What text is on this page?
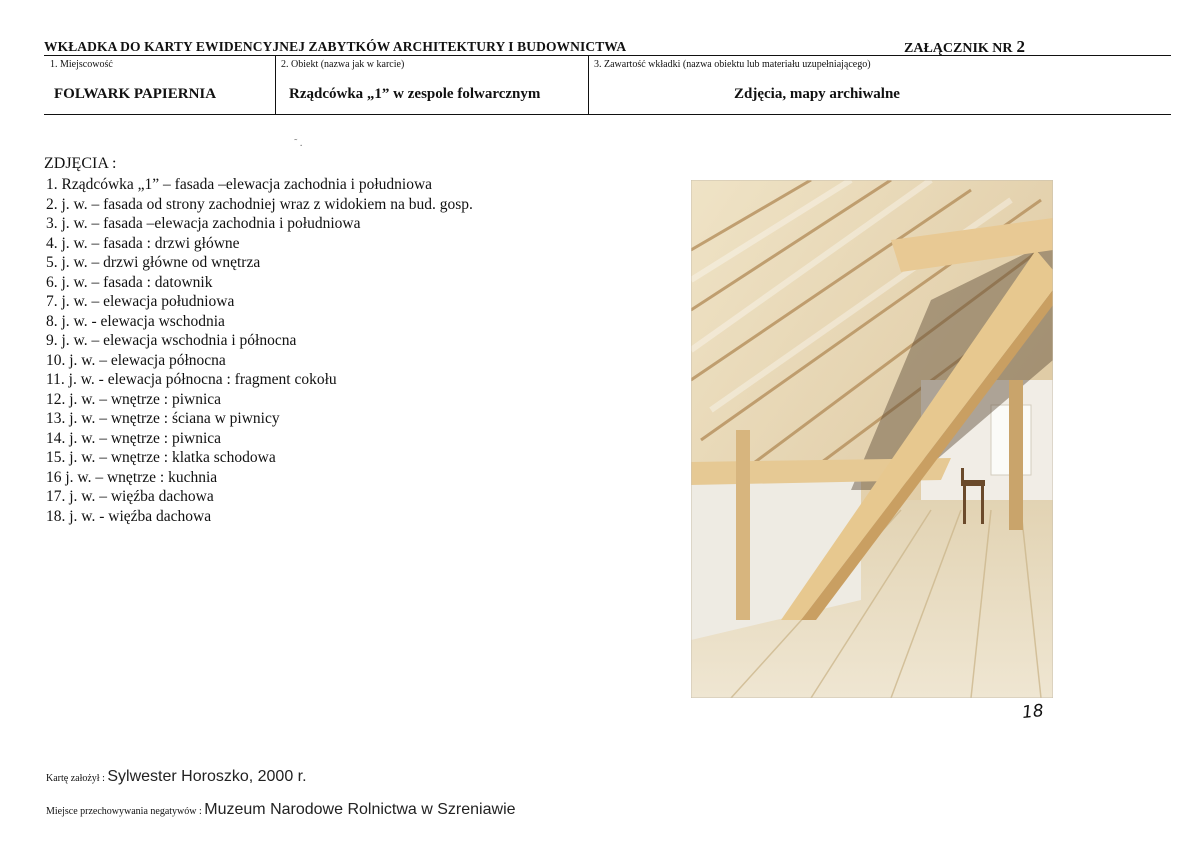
WKŁADKA DO KARTY EWIDENCYJNEJ ZABYTKÓW ARCHITEKTURY I BUDOWNICTWA	ZAŁĄCZNIK NR 2
1. Miejscowość	2. Obiekt (nazwa jak w karcie)	3. Zawartość wkładki (nazwa obiektu lub materiału uzupełniającego)
FOLWARK PAPIERNIA	Rządcówka „1” w zespole folwarcznym	Zdjęcia, mapy archiwalne
˜ .
ZDJĘCIA :
1. Rządcówka „1” – fasada –elewacja zachodnia i południowa
2. j. w. – fasada od strony zachodniej wraz z widokiem na bud. gosp.
3. j. w. – fasada –elewacja zachodnia i południowa
4. j. w. – fasada : drzwi główne
5. j. w. – drzwi główne od wnętrza
6. j. w. – fasada : datownik
7. j. w. – elewacja południowa
8. j. w. - elewacja wschodnia
9. j. w. – elewacja wschodnia i północna
10. j. w. – elewacja północna
11. j. w. - elewacja północna : fragment cokołu
12. j. w. – wnętrze : piwnica
13. j. w. – wnętrze : ściana w piwnicy
14. j. w. – wnętrze : piwnica
15. j. w. – wnętrze : klatka schodowa
16 j. w. – wnętrze : kuchnia
17. j. w. – więźba dachowa
18. j. w. - więźba dachowa
18
Kartę założył : Sylwester Horoszko, 2000 r.
Miejsce przechowywania negatywów : Muzeum Narodowe Rolnictwa w Szreniawie
